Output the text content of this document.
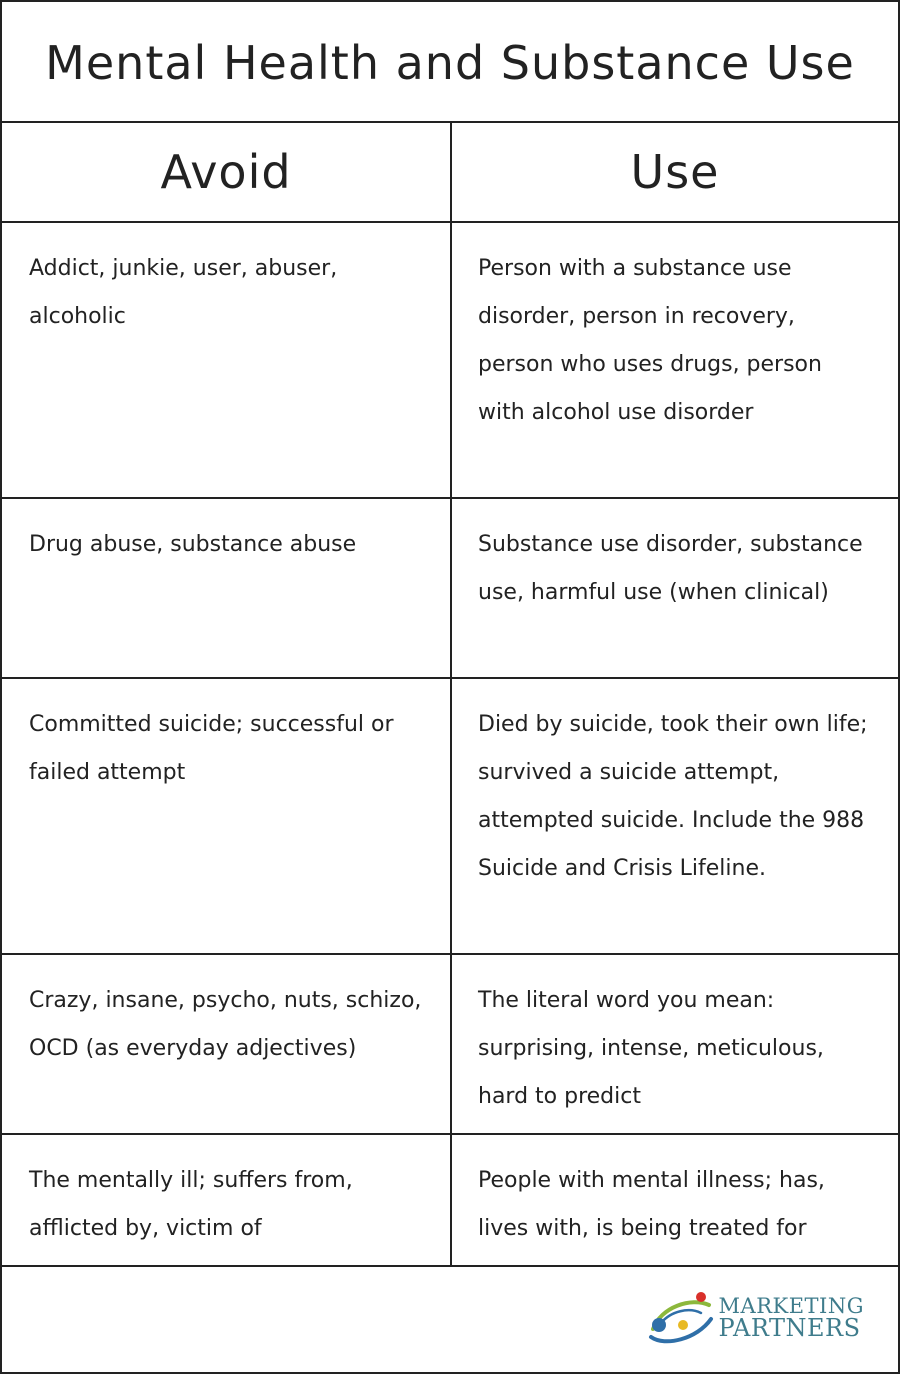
Mental Health and Substance Use
Avoid	Use
Addict, junkie, user, abuser, alcoholic
Person with a substance use disorder, person in recovery, person who uses drugs, person with alcohol use disorder
Drug abuse, substance abuse	Substance use disorder, substance use, harmful use (when clinical)
Committed suicide; successful or failed attempt
Died by suicide, took their own life; survived a suicide attempt, attempted suicide. Include the 988 Suicide and Crisis Lifeline.
Crazy, insane, psycho, nuts, schizo, OCD (as everyday adjectives)
The literal word you mean: surprising, intense, meticulous, hard to predict
The mentally ill; suffers from, afflicted by, victim of
People with mental illness; has, lives with, is being treated for
MARKETING
PARTNERS
